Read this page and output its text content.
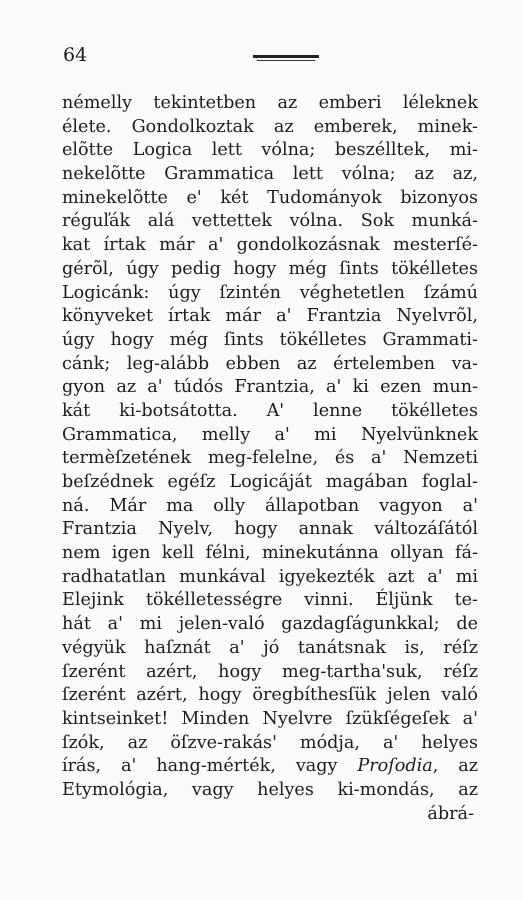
64
némelly tekintetben az emberi léleknek
élete. Gondolkoztak az emberek, minek-
elõtte Logica lett vólna; beszélltek, mi-
nekelõtte Grammatica lett vólna; az az,
minekelõtte e' két Tudományok bizonyos
réguľák alá vettettek vólna. Sok munká-
kat írtak már a' gondolkozásnak mesterſé-
gérõl, úgy pedig hogy még ſints tökélletes
Logicánk: úgy ſzintén véghetetlen ſzámú
könyveket írtak már a' Frantzia Nyelvrõl,
úgy hogy még ſints tökélletes Grammati-
cánk; leg-alább ebben az értelemben va-
gyon az a' túdós Frantzia, a' ki ezen mun-
kát ki-botsátotta. A' lenne tökélletes
Grammatica, melly a' mi Nyelvünknek
termèſzetének meg-felelne, és a' Nemzeti
beſzédnek egéſz Logicáját magában foglal-
ná. Már ma olly állapotban vagyon a'
Frantzia Nyelv, hogy annak változáſától
nem igen kell félni, minekutánna ollyan fá-
radhatatlan munkával igyekezték azt a' mi
Elejink tökélletességre vinni. Éljünk te-
hát a' mi jelen-való gazdagſágunkkal; de
végyük haſznát a' jó tanátsnak is, réſz
ſzerént azért, hogy meg-tartha'suk, réſz
ſzerént azért, hogy öregbíthesſük jelen való
kintseinket! Minden Nyelvre ſzükſégeſek a'
ſzók, az öſzve-rakás' módja, a' helyes
írás, a' hang-mérték, vagy Proſodia, az
Etymológia, vagy helyes ki-mondás, az
ábrá-
